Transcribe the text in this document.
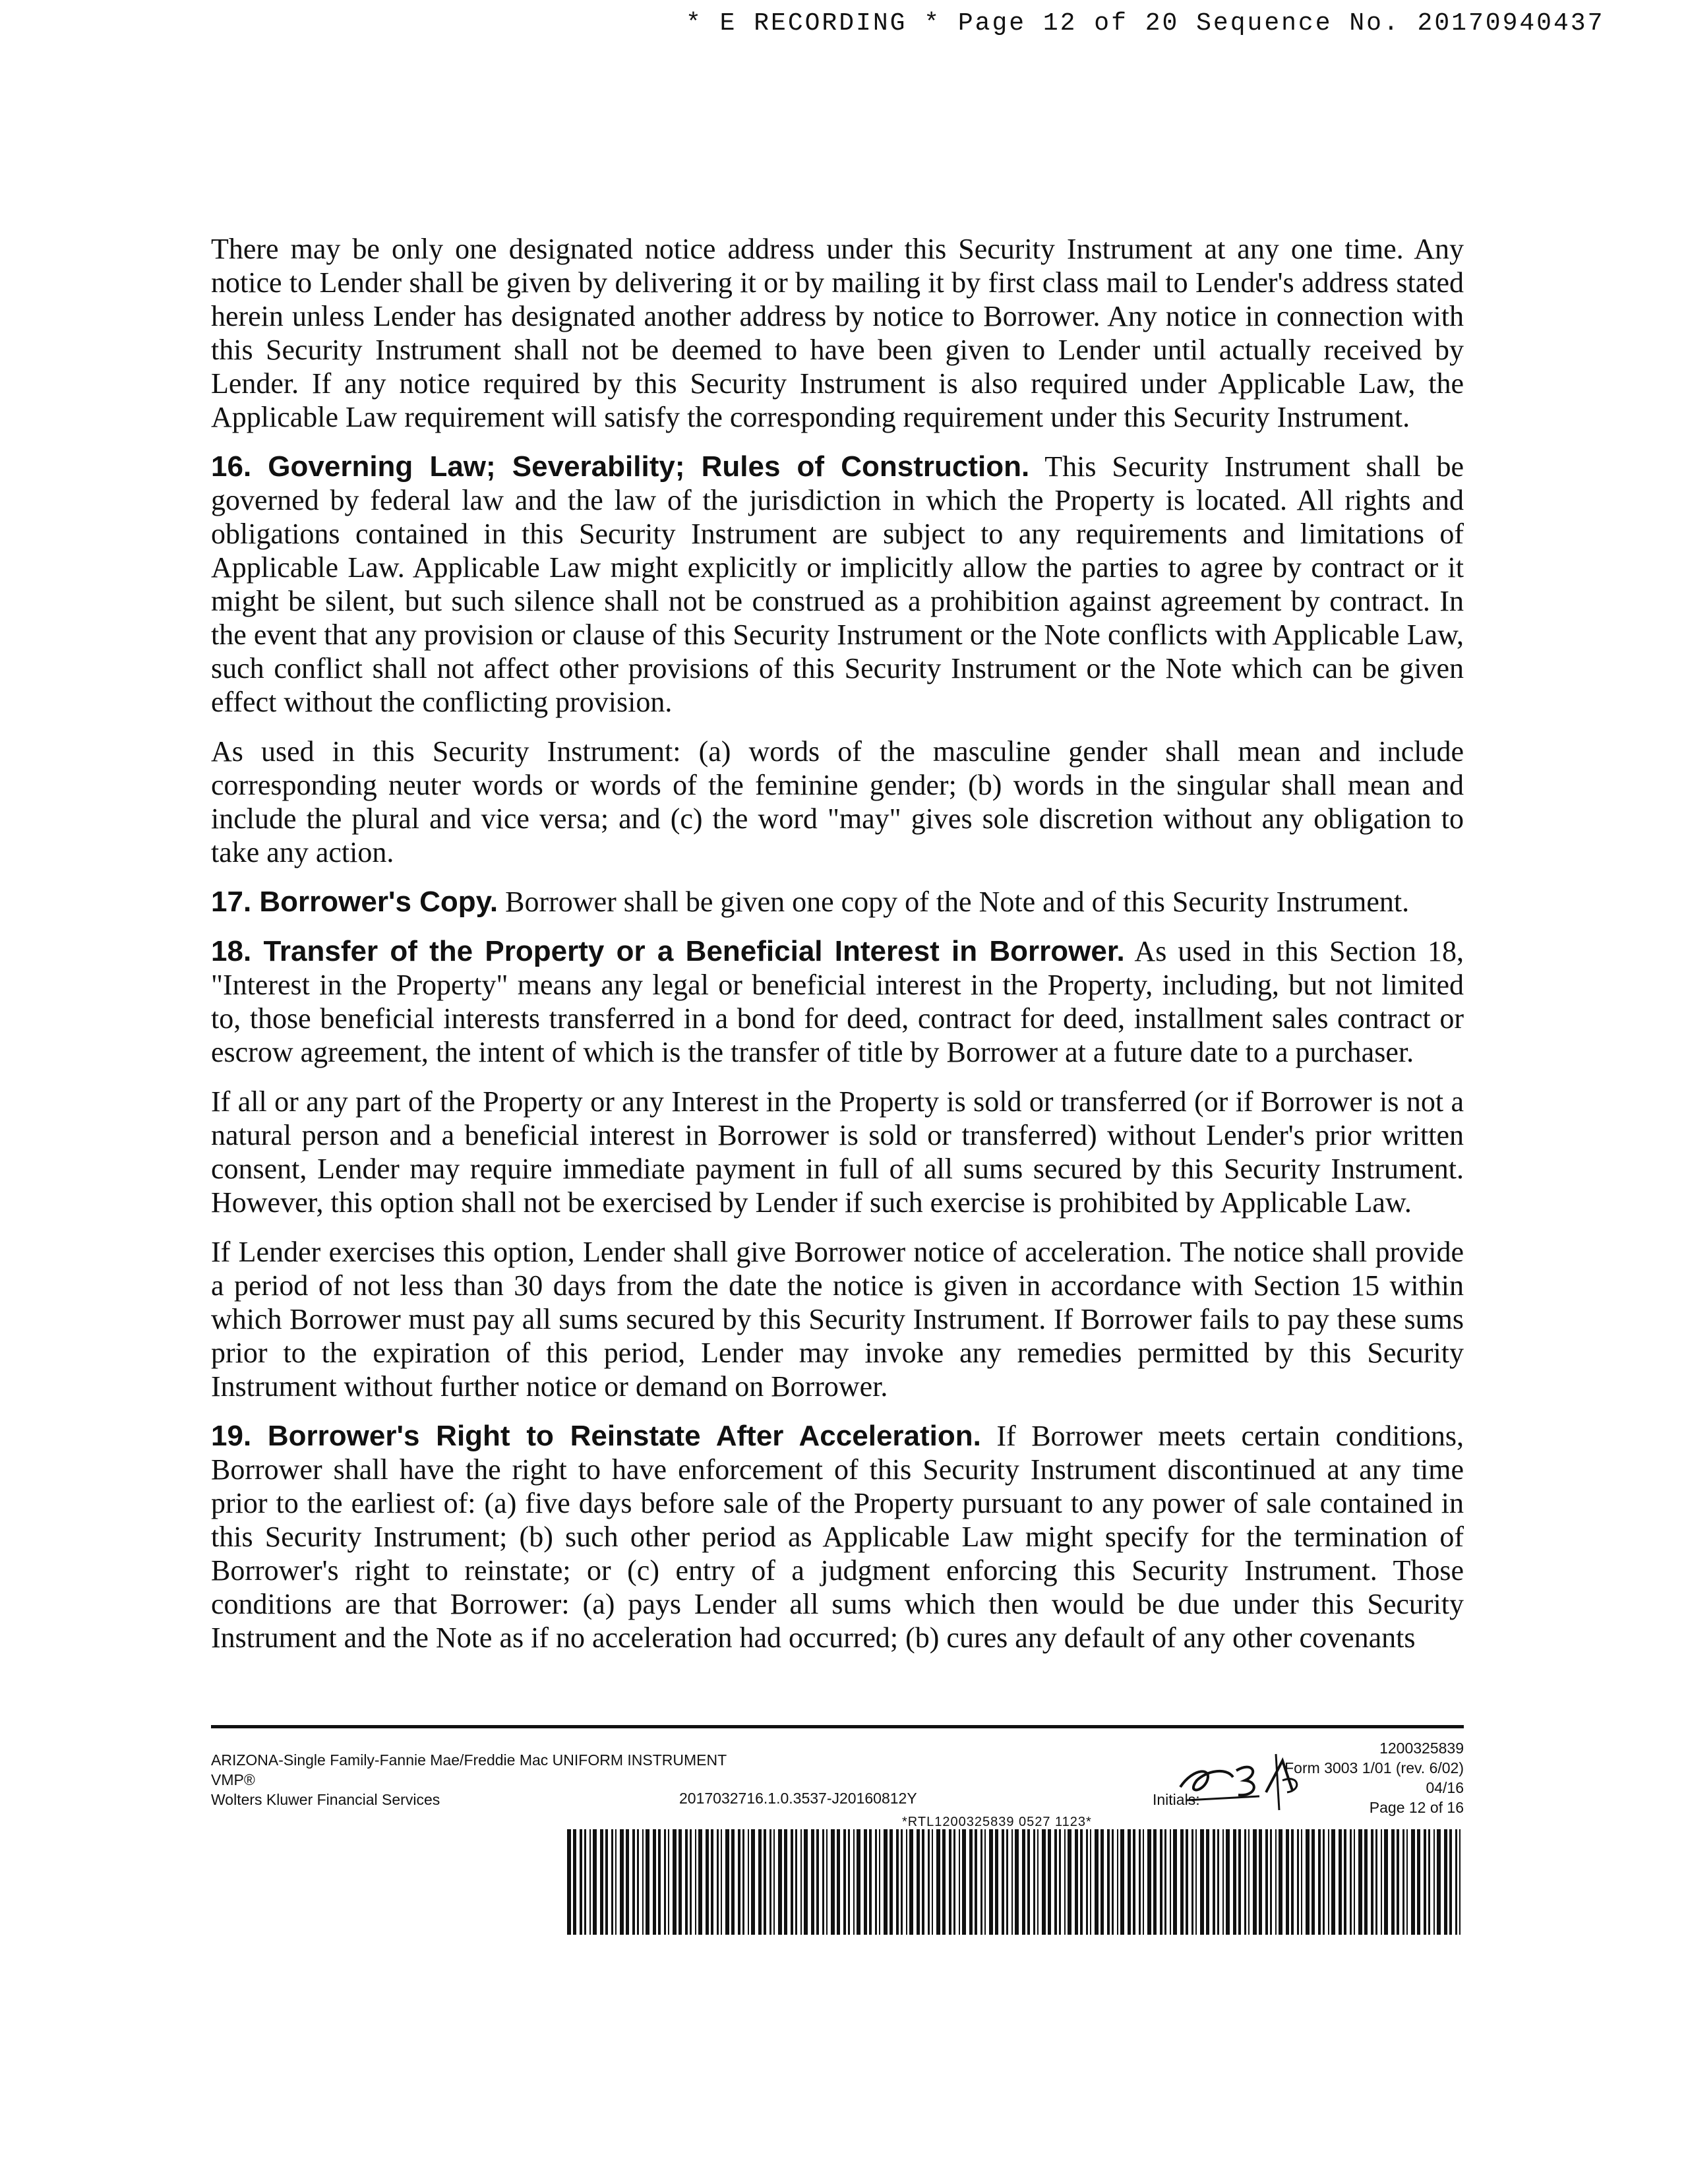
* E RECORDING * Page 12 of 20 Sequence No. 20170940437

There may be only one designated notice address under this Security Instrument at any one time. Any notice to Lender shall be given by delivering it or by mailing it by first class mail to Lender's address stated herein unless Lender has designated another address by notice to Borrower. Any notice in connection with this Security Instrument shall not be deemed to have been given to Lender until actually received by Lender. If any notice required by this Security Instrument is also required under Applicable Law, the Applicable Law requirement will satisfy the corresponding requirement under this Security Instrument.

16. Governing Law; Severability; Rules of Construction. This Security Instrument shall be governed by federal law and the law of the jurisdiction in which the Property is located. All rights and obligations contained in this Security Instrument are subject to any requirements and limitations of Applicable Law. Applicable Law might explicitly or implicitly allow the parties to agree by contract or it might be silent, but such silence shall not be construed as a prohibition against agreement by contract. In the event that any provision or clause of this Security Instrument or the Note conflicts with Applicable Law, such conflict shall not affect other provisions of this Security Instrument or the Note which can be given effect without the conflicting provision.

As used in this Security Instrument: (a) words of the masculine gender shall mean and include corresponding neuter words or words of the feminine gender; (b) words in the singular shall mean and include the plural and vice versa; and (c) the word "may" gives sole discretion without any obligation to take any action.

17. Borrower's Copy. Borrower shall be given one copy of the Note and of this Security Instrument.

18. Transfer of the Property or a Beneficial Interest in Borrower. As used in this Section 18, "Interest in the Property" means any legal or beneficial interest in the Property, including, but not limited to, those beneficial interests transferred in a bond for deed, contract for deed, installment sales contract or escrow agreement, the intent of which is the transfer of title by Borrower at a future date to a purchaser.

If all or any part of the Property or any Interest in the Property is sold or transferred (or if Borrower is not a natural person and a beneficial interest in Borrower is sold or transferred) without Lender's prior written consent, Lender may require immediate payment in full of all sums secured by this Security Instrument. However, this option shall not be exercised by Lender if such exercise is prohibited by Applicable Law.

If Lender exercises this option, Lender shall give Borrower notice of acceleration. The notice shall provide a period of not less than 30 days from the date the notice is given in accordance with Section 15 within which Borrower must pay all sums secured by this Security Instrument. If Borrower fails to pay these sums prior to the expiration of this period, Lender may invoke any remedies permitted by this Security Instrument without further notice or demand on Borrower.

19. Borrower's Right to Reinstate After Acceleration. If Borrower meets certain conditions, Borrower shall have the right to have enforcement of this Security Instrument discontinued at any time prior to the earliest of: (a) five days before sale of the Property pursuant to any power of sale contained in this Security Instrument; (b) such other period as Applicable Law might specify for the termination of Borrower's right to reinstate; or (c) entry of a judgment enforcing this Security Instrument. Those conditions are that Borrower: (a) pays Lender all sums which then would be due under this Security Instrument and the Note as if no acceleration had occurred; (b) cures any default of any other covenants

ARIZONA-Single Family-Fannie Mae/Freddie Mac UNIFORM INSTRUMENT
VMP®
Wolters Kluwer Financial Services	2017032716.1.0.3537-J20160812Y	Initials:
1200325839
Form 3003 1/01 (rev. 6/02)
04/16
Page 12 of 16
*RTL1200325839 0527 1123*
